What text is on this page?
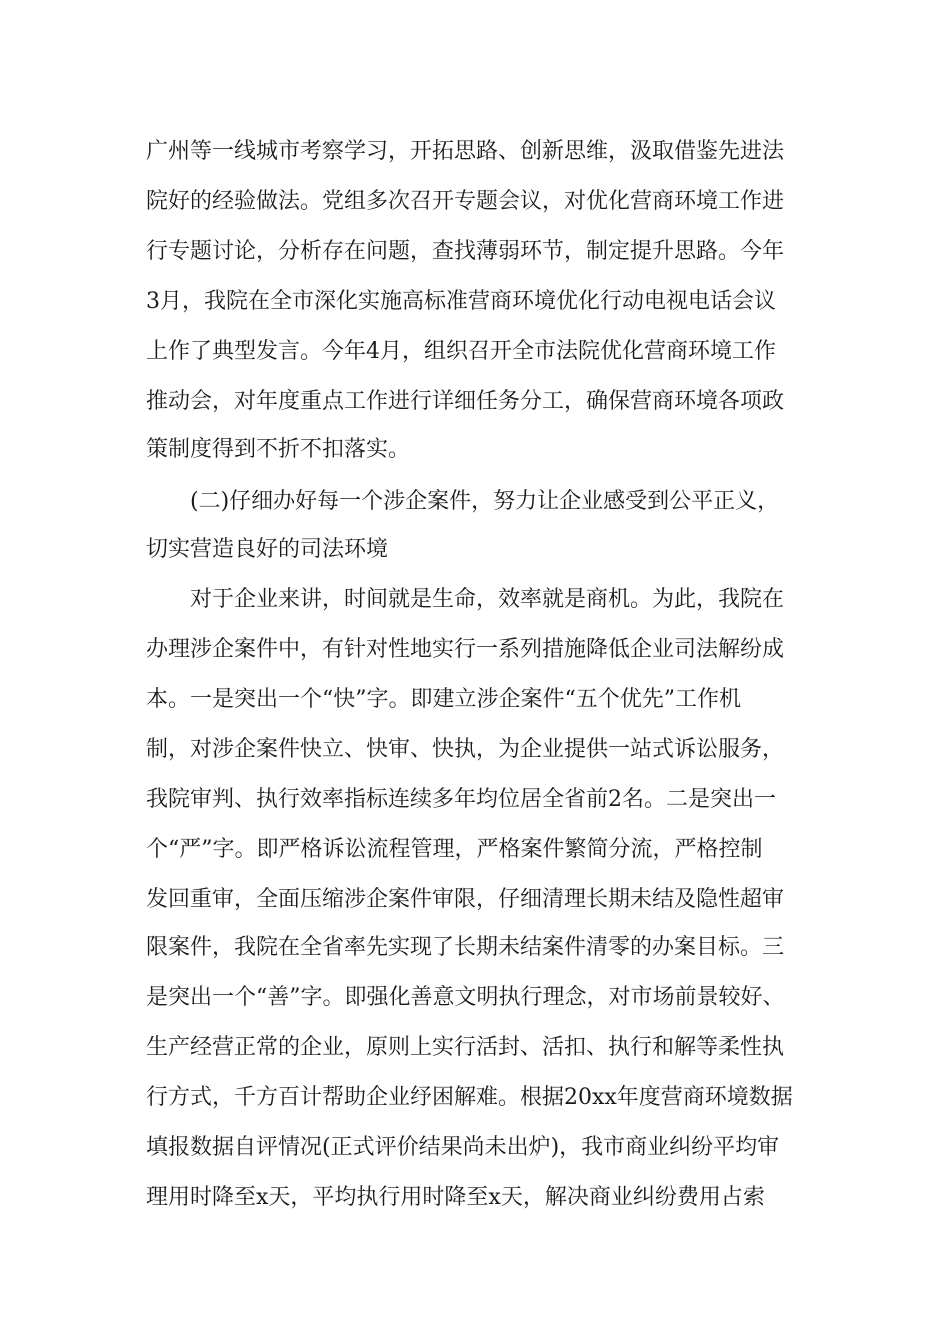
广州等一线城市考察学习，开拓思路、创新思维，汲取借鉴先进法
院好的经验做法。党组多次召开专题会议，对优化营商环境工作进
行专题讨论，分析存在问题，查找薄弱环节，制定提升思路。今年
3月，我院在全市深化实施高标准营商环境优化行动电视电话会议
上作了典型发言。今年4月，组织召开全市法院优化营商环境工作
推动会，对年度重点工作进行详细任务分工，确保营商环境各项政
策制度得到不折不扣落实。
(二)仔细办好每一个涉企案件，努力让企业感受到公平正义，
切实营造良好的司法环境
对于企业来讲，时间就是生命，效率就是商机。为此，我院在
办理涉企案件中，有针对性地实行一系列措施降低企业司法解纷成
本。一是突出一个“快”字。即建立涉企案件“五个优先”工作机
制，对涉企案件快立、快审、快执，为企业提供一站式诉讼服务，
我院审判、执行效率指标连续多年均位居全省前2名。二是突出一
个“严”字。即严格诉讼流程管理，严格案件繁简分流，严格控制
发回重审，全面压缩涉企案件审限，仔细清理长期未结及隐性超审
限案件，我院在全省率先实现了长期未结案件清零的办案目标。三
是突出一个“善”字。即强化善意文明执行理念，对市场前景较好、
生产经营正常的企业，原则上实行活封、活扣、执行和解等柔性执
行方式，千方百计帮助企业纾困解难。根据20xx年度营商环境数据
填报数据自评情况(正式评价结果尚未出炉)，我市商业纠纷平均审
理用时降至x天，平均执行用时降至x天，解决商业纠纷费用占索
